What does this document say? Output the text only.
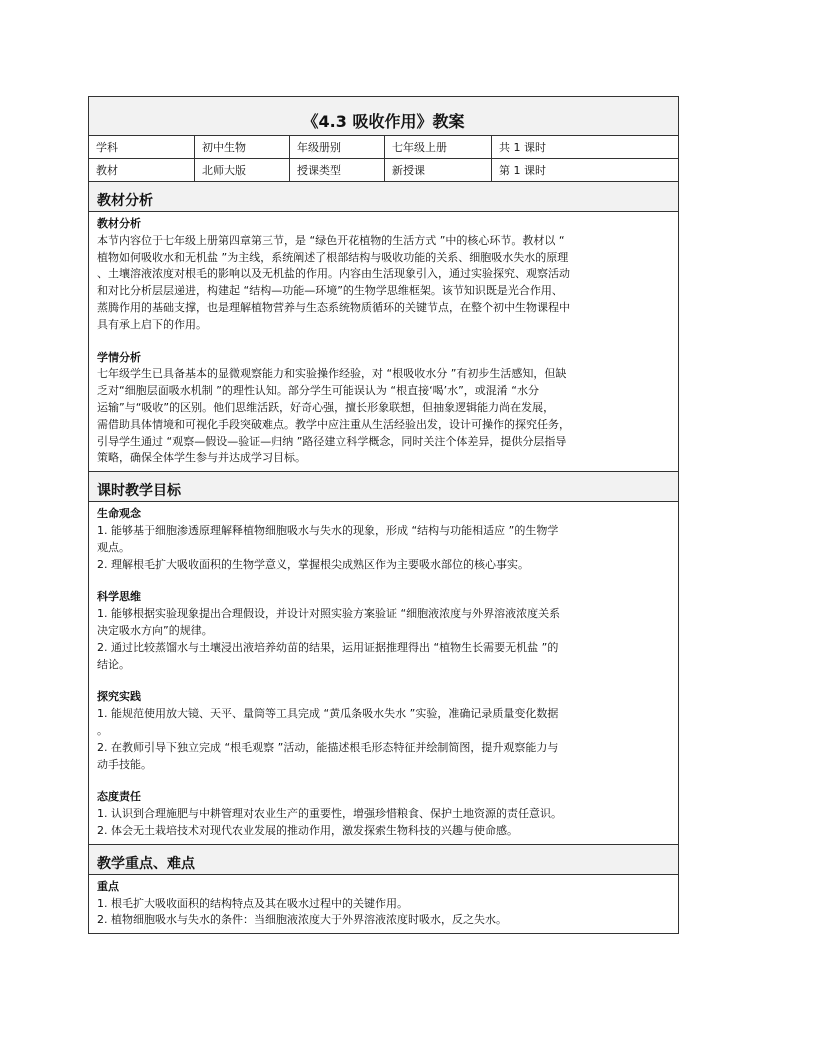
《4.3 吸收作用》教案
学科	初中生物	年级册别	七年级上册	共 1 课时
教材	北师大版	授课类型	新授课	第 1 课时
教材分析
教材分析

本节内容位于七年级上册第四章第三节，是 “绿色开花植物的生活方式 ”中的核心环节。教材以 “

植物如何吸收水和无机盐 ”为主线，系统阐述了根部结构与吸收功能的关系、细胞吸水失水的原理

、土壤溶液浓度对根毛的影响以及无机盐的作用。内容由生活现象引入，通过实验探究、观察活动

和对比分析层层递进，构建起 “结构—功能—环境”的生物学思维框架。该节知识既是光合作用、

蒸腾作用的基础支撑，也是理解植物营养与生态系统物质循环的关键节点，在整个初中生物课程中

具有承上启下的作用。

学情分析

七年级学生已具备基本的显微观察能力和实验操作经验，对 “根吸收水分 ”有初步生活感知，但缺

乏对“细胞层面吸水机制 ”的理性认知。部分学生可能误认为 “根直接‘喝’水”，或混淆 “水分

运输”与“吸收”的区别。他们思维活跃，好奇心强，擅长形象联想，但抽象逻辑能力尚在发展，

需借助具体情境和可视化手段突破难点。教学中应注重从生活经验出发，设计可操作的探究任务，

引导学生通过 “观察—假设—验证—归纳 ”路径建立科学概念，同时关注个体差异，提供分层指导

策略，确保全体学生参与并达成学习目标。

课时教学目标
生命观念

1. 能够基于细胞渗透原理解释植物细胞吸水与失水的现象，形成 “结构与功能相适应 ”的生物学

观点。

2. 理解根毛扩大吸收面积的生物学意义，掌握根尖成熟区作为主要吸水部位的核心事实。

科学思维

1. 能够根据实验现象提出合理假设，并设计对照实验方案验证 “细胞液浓度与外界溶液浓度关系

决定吸水方向”的规律。

2. 通过比较蒸馏水与土壤浸出液培养幼苗的结果，运用证据推理得出 “植物生长需要无机盐 ”的

结论。

探究实践

1. 能规范使用放大镜、天平、量筒等工具完成 “黄瓜条吸水失水 ”实验，准确记录质量变化数据

。

2. 在教师引导下独立完成 “根毛观察 ”活动，能描述根毛形态特征并绘制简图，提升观察能力与

动手技能。

态度责任

1. 认识到合理施肥与中耕管理对农业生产的重要性，增强珍惜粮食、保护土地资源的责任意识。

2. 体会无土栽培技术对现代农业发展的推动作用，激发探索生物科技的兴趣与使命感。

教学重点、难点
重点

1. 根毛扩大吸收面积的结构特点及其在吸水过程中的关键作用。

2. 植物细胞吸水与失水的条件：当细胞液浓度大于外界溶液浓度时吸水，反之失水。
